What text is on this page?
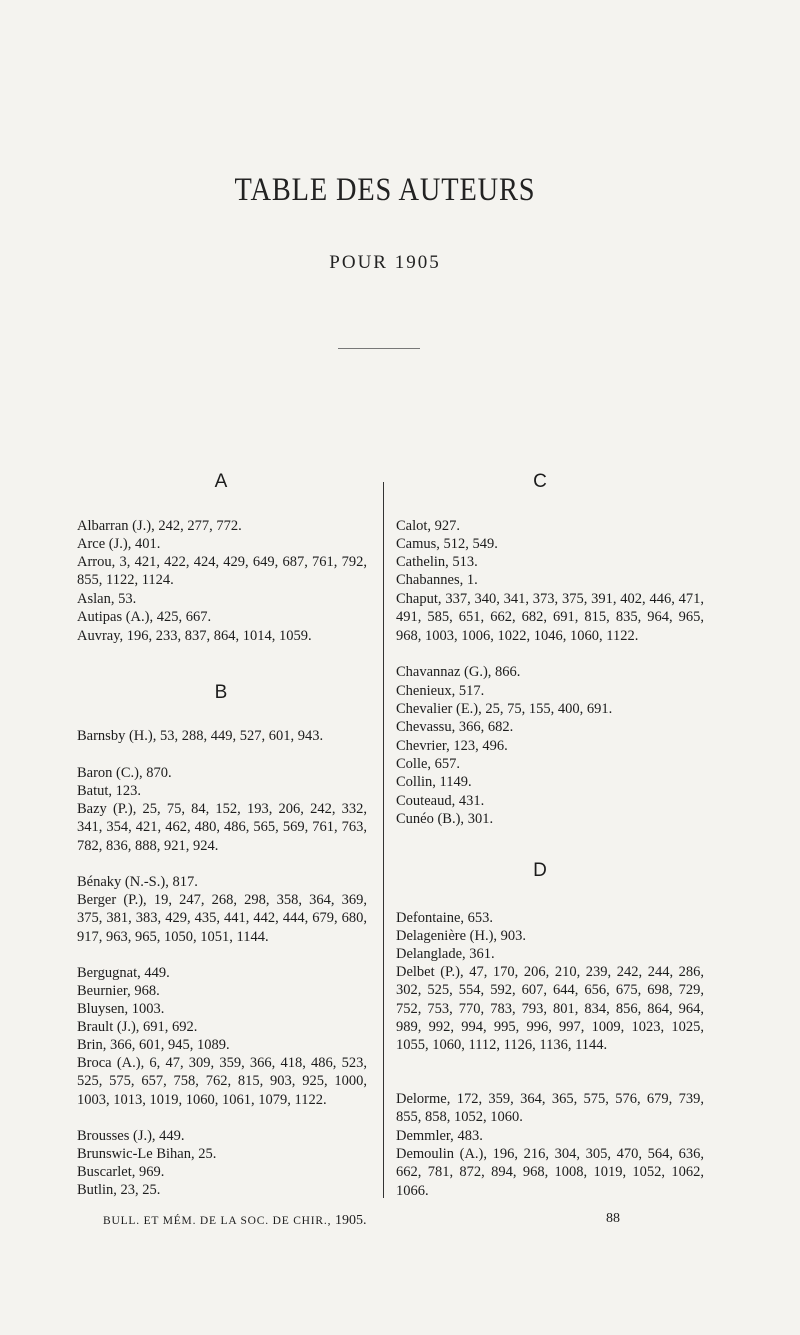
TABLE DES AUTEURS
POUR 1905
A
Albarran (J.), 242, 277, 772.
Arce (J.), 401.
Arrou, 3, 421, 422, 424, 429, 649, 687, 761, 792, 855, 1122, 1124.
Aslan, 53.
Autipas (A.), 425, 667.
Auvray, 196, 233, 837, 864, 1014, 1059.
B
Barnsby (H.), 53, 288, 449, 527, 601, 943.
Baron (C.), 870.
Batut, 123.
Bazy (P.), 25, 75, 84, 152, 193, 206, 242, 332, 341, 354, 421, 462, 480, 486, 565, 569, 761, 763, 782, 836, 888, 921, 924.
Bénaky (N.-S.), 817.
Berger (P.), 19, 247, 268, 298, 358, 364, 369, 375, 381, 383, 429, 435, 441, 442, 444, 679, 680, 917, 963, 965, 1050, 1051, 1144.
Bergugnat, 449.
Beurnier, 968.
Bluysen, 1003.
Brault (J.), 691, 692.
Brin, 366, 601, 945, 1089.
Broca (A.), 6, 47, 309, 359, 366, 418, 486, 523, 525, 575, 657, 758, 762, 815, 903, 925, 1000, 1003, 1013, 1019, 1060, 1061, 1079, 1122.
Brousses (J.), 449.
Brunswic-Le Bihan, 25.
Buscarlet, 969.
Butlin, 23, 25.
C
Calot, 927.
Camus, 512, 549.
Cathelin, 513.
Chabannes, 1.
Chaput, 337, 340, 341, 373, 375, 391, 402, 446, 471, 491, 585, 651, 662, 682, 691, 815, 835, 964, 965, 968, 1003, 1006, 1022, 1046, 1060, 1122.
Chavannaz (G.), 866.
Chenieux, 517.
Chevalier (E.), 25, 75, 155, 400, 691.
Chevassu, 366, 682.
Chevrier, 123, 496.
Colle, 657.
Collin, 1149.
Couteaud, 431.
Cunéo (B.), 301.
D
Defontaine, 653.
Delagenière (H.), 903.
Delanglade, 361.
Delbet (P.), 47, 170, 206, 210, 239, 242, 244, 286, 302, 525, 554, 592, 607, 644, 656, 675, 698, 729, 752, 753, 770, 783, 793, 801, 834, 856, 864, 964, 989, 992, 994, 995, 996, 997, 1009, 1023, 1025, 1055, 1060, 1112, 1126, 1136, 1144.
Delorme, 172, 359, 364, 365, 575, 576, 679, 739, 855, 858, 1052, 1060.
Demmler, 483.
Demoulin (A.), 196, 216, 304, 305, 470, 564, 636, 662, 781, 872, 894, 968, 1008, 1019, 1052, 1062, 1066.
BULL. ET MÉM. DE LA SOC. DE CHIR., 1905.	88
